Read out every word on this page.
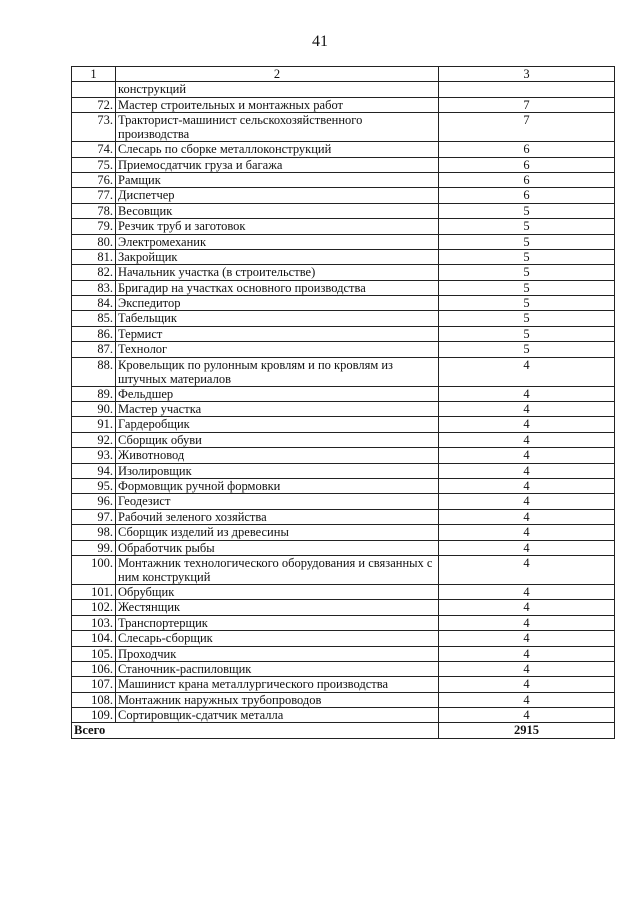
41
1	2	3
	конструкций	
72.	Мастер строительных и монтажных работ	7
73.	Тракторист-машинист сельскохозяйственного производства	7
74.	Слесарь по сборке металлоконструкций	6
75.	Приемосдатчик груза и багажа	6
76.	Рамщик	6
77.	Диспетчер	6
78.	Весовщик	5
79.	Резчик труб и заготовок	5
80.	Электромеханик	5
81.	Закройщик	5
82.	Начальник участка (в строительстве)	5
83.	Бригадир на участках основного производства	5
84.	Экспедитор	5
85.	Табельщик	5
86.	Термист	5
87.	Технолог	5
88.	Кровельщик по рулонным кровлям и по кровлям из штучных материалов	4
89.	Фельдшер	4
90.	Мастер участка	4
91.	Гардеробщик	4
92.	Сборщик обуви	4
93.	Животновод	4
94.	Изолировщик	4
95.	Формовщик ручной формовки	4
96.	Геодезист	4
97.	Рабочий зеленого хозяйства	4
98.	Сборщик изделий из древесины	4
99.	Обработчик рыбы	4
100.	Монтажник технологического оборудования и связанных с ним конструкций	4
101.	Обрубщик	4
102.	Жестянщик	4
103.	Транспортерщик	4
104.	Слесарь-сборщик	4
105.	Проходчик	4
106.	Станочник-распиловщик	4
107.	Машинист крана металлургического производства	4
108.	Монтажник наружных трубопроводов	4
109.	Сортировщик-сдатчик металла	4
Всего		2915
